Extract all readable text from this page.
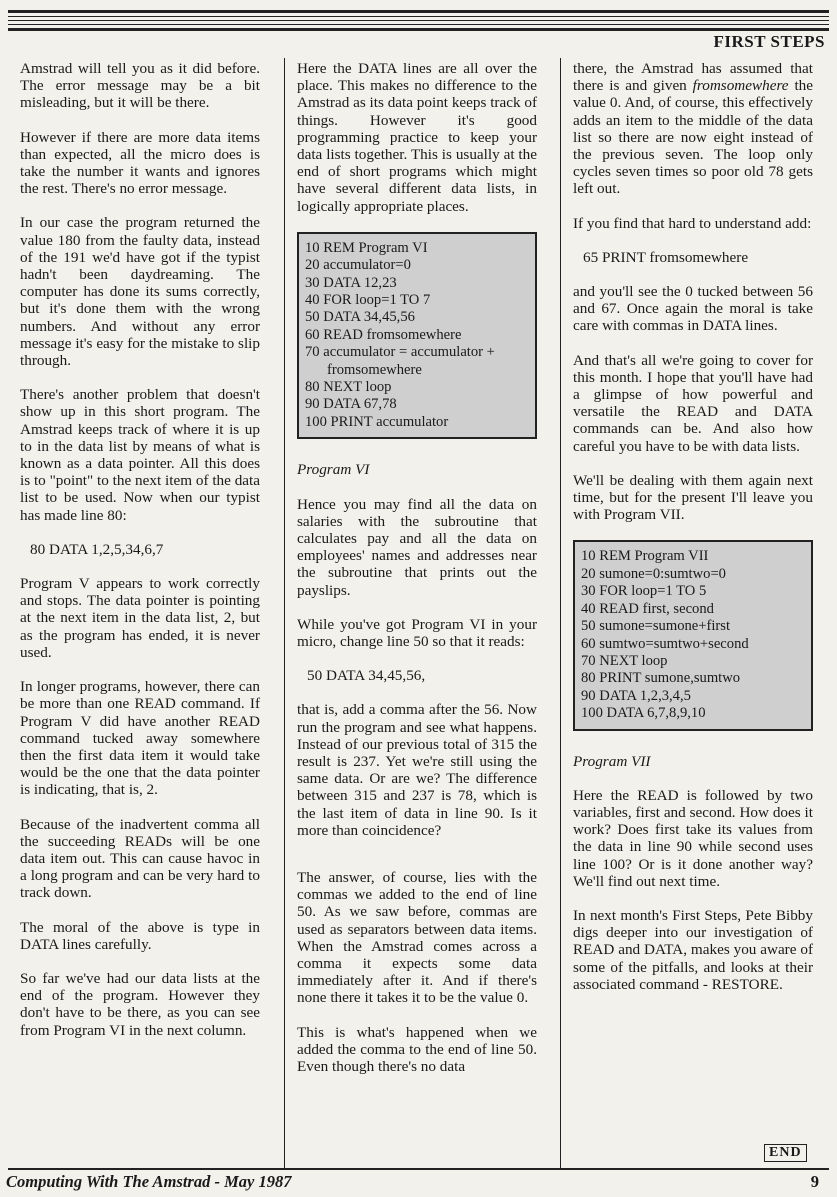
FIRST STEPS

Amstrad will tell you as it did before. The error message may be a bit misleading, but it will be there.

However if there are more data items than expected, all the micro does is take the number it wants and ignores the rest. There's no error message.

In our case the program returned the value 180 from the faulty data, instead of the 191 we'd have got if the typist hadn't been daydreaming. The computer has done its sums correctly, but it's done them with the wrong numbers. And without any error message it's easy for the mistake to slip through.

There's another problem that doesn't show up in this short program. The Amstrad keeps track of where it is up to in the data list by means of what is known as a data pointer. All this does is to "point" to the next item of the data list to be used. Now when our typist has made line 80:

80 DATA 1,2,5,34,6,7

Program V appears to work correctly and stops. The data pointer is pointing at the next item in the data list, 2, but as the program has ended, it is never used.

In longer programs, however, there can be more than one READ command. If Program V did have another READ command tucked away somewhere then the first data item it would take would be the one that the data pointer is indicating, that is, 2.

Because of the inadvertent comma all the succeeding READs will be one data item out. This can cause havoc in a long program and can be very hard to track down.

The moral of the above is type in DATA lines carefully.

So far we've had our data lists at the end of the program. However they don't have to be there, as you can see from Program VI in the next column.

Here the DATA lines are all over the place. This makes no difference to the Amstrad as its data point keeps track of things. However it's good programming practice to keep your data lists together. This is usually at the end of short programs which might have several different data lists, in logically appropriate places.

10 REM Program VI
20 accumulator=0
30 DATA 12,23
40 FOR loop=1 TO 7
50 DATA 34,45,56
60 READ fromsomewhere
70 accumulator = accumulator +
fromsomewhere
80 NEXT loop
90 DATA 67,78
100 PRINT accumulator

Program VI

Hence you may find all the data on salaries with the subroutine that calculates pay and all the data on employees' names and addresses near the subroutine that prints out the payslips.

While you've got Program VI in your micro, change line 50 so that it reads:

50 DATA 34,45,56,

that is, add a comma after the 56. Now run the program and see what happens. Instead of our previous total of 315 the result is 237. Yet we're still using the same data. Or are we? The difference between 315 and 237 is 78, which is the last item of data in line 90. Is it more than coincidence?

The answer, of course, lies with the commas we added to the end of line 50. As we saw before, commas are used as separators between data items. When the Amstrad comes across a comma it expects some data immediately after it. And if there's none there it takes it to be the value 0.

This is what's happened when we added the comma to the end of line 50. Even though there's no data

there, the Amstrad has assumed that there is and given fromsomewhere the value 0. And, of course, this effectively adds an item to the middle of the data list so there are now eight instead of the previous seven. The loop only cycles seven times so poor old 78 gets left out.

If you find that hard to understand add:

65 PRINT fromsomewhere

and you'll see the 0 tucked between 56 and 67. Once again the moral is take care with commas in DATA lines.

And that's all we're going to cover for this month. I hope that you'll have had a glimpse of how powerful and versatile the READ and DATA commands can be. And also how careful you have to be with data lists.

We'll be dealing with them again next time, but for the present I'll leave you with Program VII.

10 REM Program VII
20 sumone=0:sumtwo=0
30 FOR loop=1 TO 5
40 READ first, second
50 sumone=sumone+first
60 sumtwo=sumtwo+second
70 NEXT loop
80 PRINT sumone,sumtwo
90 DATA 1,2,3,4,5
100 DATA 6,7,8,9,10

Program VII

Here the READ is followed by two variables, first and second. How does it work? Does first take its values from the data in line 90 while second uses line 100? Or is it done another way? We'll find out next time.

In next month's First Steps, Pete Bibby digs deeper into our investigation of READ and DATA, makes you aware of some of the pitfalls, and looks at their associated command - RESTORE.

END
Computing With The Amstrad - May 1987	9
